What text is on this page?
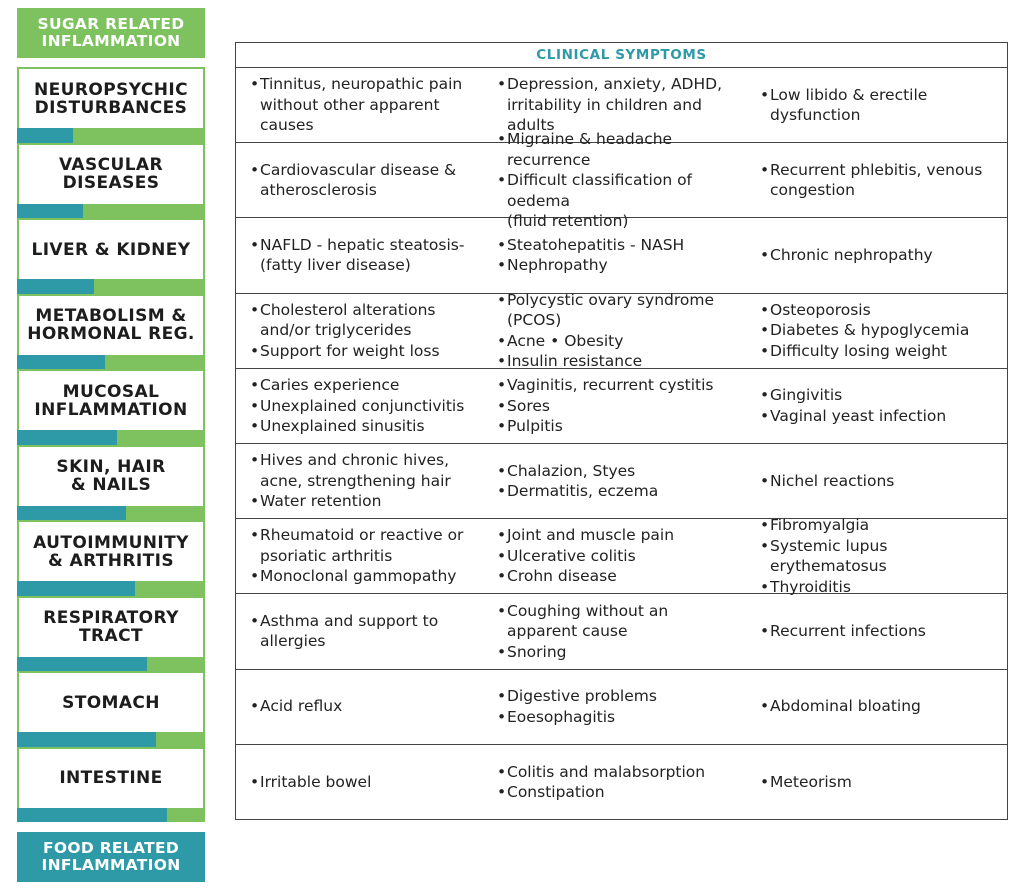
SUGAR RELATED
INFLAMMATION
NEUROPSYCHIC
DISTURBANCES
VASCULAR
DISEASES
LIVER & KIDNEY
METABOLISM &
HORMONAL REG.
MUCOSAL
INFLAMMATION
SKIN, HAIR
& NAILS
AUTOIMMUNITY
& ARTHRITIS
RESPIRATORY
TRACT
STOMACH
INTESTINE
FOOD RELATED
INFLAMMATION
CLINICAL SYMPTOMS
• Tinnitus, neuropathic pain
without other apparent causes
• Depression, anxiety, ADHD,
irritability in children and
adults
• Low libido & erectile
dysfunction
• Cardiovascular disease &
atherosclerosis
• Migraine & headache recurrence
• Difficult classification of oedema
(fluid retention)
• Recurrent phlebitis, venous
congestion
• NAFLD - hepatic steatosis-
(fatty liver disease)
• Steatohepatitis - NASH
• Nephropathy
• Chronic nephropathy
• Cholesterol alterations
and/or triglycerides
• Support for weight loss
• Polycystic ovary syndrome (PCOS)
• Acne • Obesity
• Insulin resistance
• Osteoporosis
• Diabetes & hypoglycemia
• Difficulty losing weight
• Caries experience
• Unexplained conjunctivitis
• Unexplained sinusitis
• Vaginitis, recurrent cystitis
• Sores
• Pulpitis
• Gingivitis
• Vaginal yeast infection
• Hives and chronic hives,
acne, strengthening hair
• Water retention
• Chalazion, Styes
• Dermatitis, eczema
• Nichel reactions
• Rheumatoid or reactive or
psoriatic arthritis
• Monoclonal gammopathy
• Joint and muscle pain
• Ulcerative colitis
• Crohn disease
• Fibromyalgia
• Systemic lupus erythematosus
• Thyroiditis
• Asthma and support to
allergies
• Coughing without an
apparent cause
• Snoring
• Recurrent infections
• Acid reflux
• Digestive problems
• Eoesophagitis
• Abdominal bloating
• Irritable bowel
• Colitis and malabsorption
• Constipation
• Meteorism
